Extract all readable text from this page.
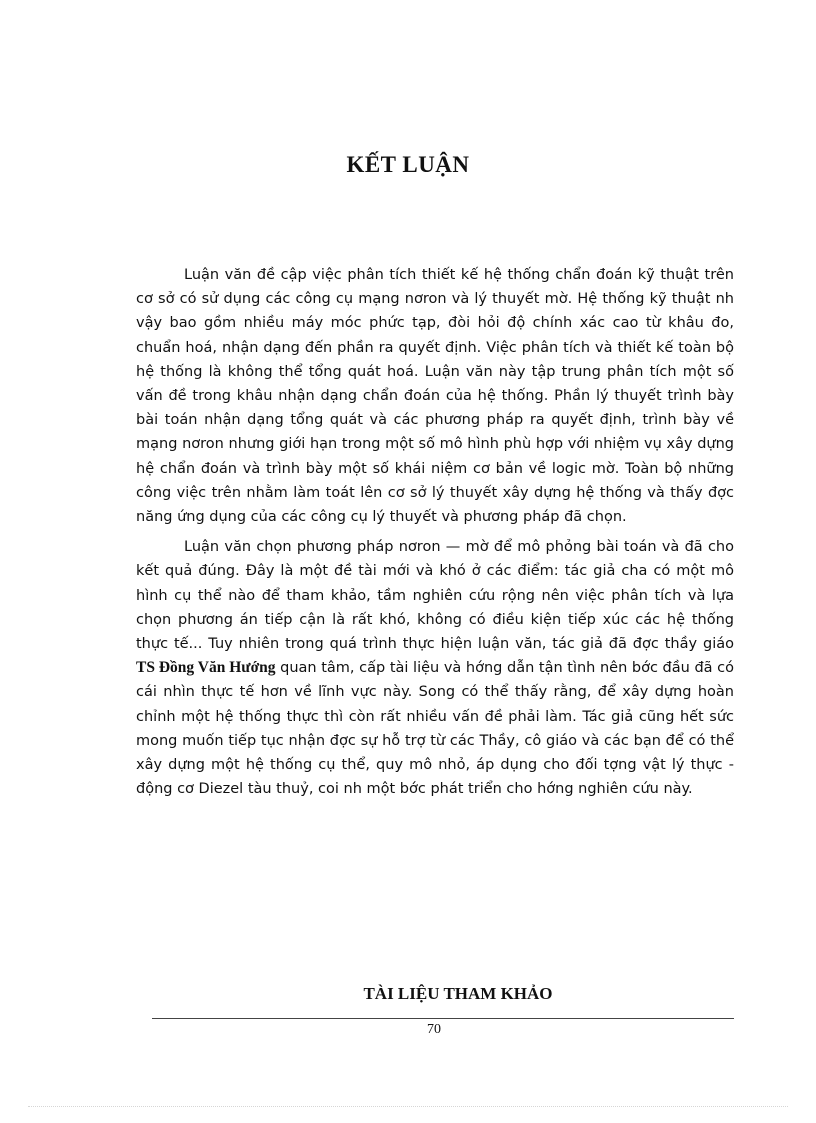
KẾT LUẬN

Luận văn đề cập việc phân tích thiết kế hệ thống chẩn đoán kỹ thuật trên cơ sở có sử dụng các công cụ mạng nơron và lý thuyết mờ. Hệ thống kỹ thuật nh vậy bao gồm nhiều máy móc phức tạp, đòi hỏi độ chính xác cao từ khâu đo, chuẩn hoá, nhận dạng đến phần ra quyết định. Việc phân tích và thiết kế toàn bộ hệ thống là không thể tổng quát hoá. Luận văn này tập trung phân tích một số vấn đề trong khâu nhận dạng chẩn đoán của hệ thống. Phần lý thuyết trình bày bài toán nhận dạng tổng quát và các phương pháp ra quyết định, trình bày về mạng nơron nhưng giới hạn trong một số mô hình phù hợp với nhiệm vụ xây dựng hệ chẩn đoán và trình bày một số khái niệm cơ bản về logic mờ. Toàn bộ những công việc trên nhằm làm toát lên cơ sở lý thuyết xây dựng hệ thống và thấy đợc năng ứng dụng của các công cụ lý thuyết và phương pháp đã chọn.

Luận văn chọn phương pháp nơron — mờ để mô phỏng bài toán và đã cho kết quả đúng. Đây là một đề tài mới và khó ở các điểm: tác giả cha có một mô hình cụ thể nào để tham khảo, tầm nghiên cứu rộng nên việc phân tích và lựa chọn phương án tiếp cận là rất khó, không có điều kiện tiếp xúc các hệ thống thực tế... Tuy nhiên trong quá trình thực hiện luận văn, tác giả đã đợc thầy giáo TS Đồng Văn Hướng quan tâm, cấp tài liệu và hớng dẫn tận tình nên bớc đầu đã có cái nhìn thực tế hơn về lĩnh vực này. Song có thể thấy rằng, để xây dựng hoàn chỉnh một hệ thống thực thì còn rất nhiều vấn đề phải làm. Tác giả cũng hết sức mong muốn tiếp tục nhận đợc sự hỗ trợ từ các Thầy, cô giáo và các bạn để có thể xây dựng một hệ thống cụ thể, quy mô nhỏ, áp dụng cho đối tợng vật lý thực - động cơ Diezel tàu thuỷ, coi nh một bớc phát triển cho hớng nghiên cứu này.

TÀI LIỆU THAM KHẢO
70
